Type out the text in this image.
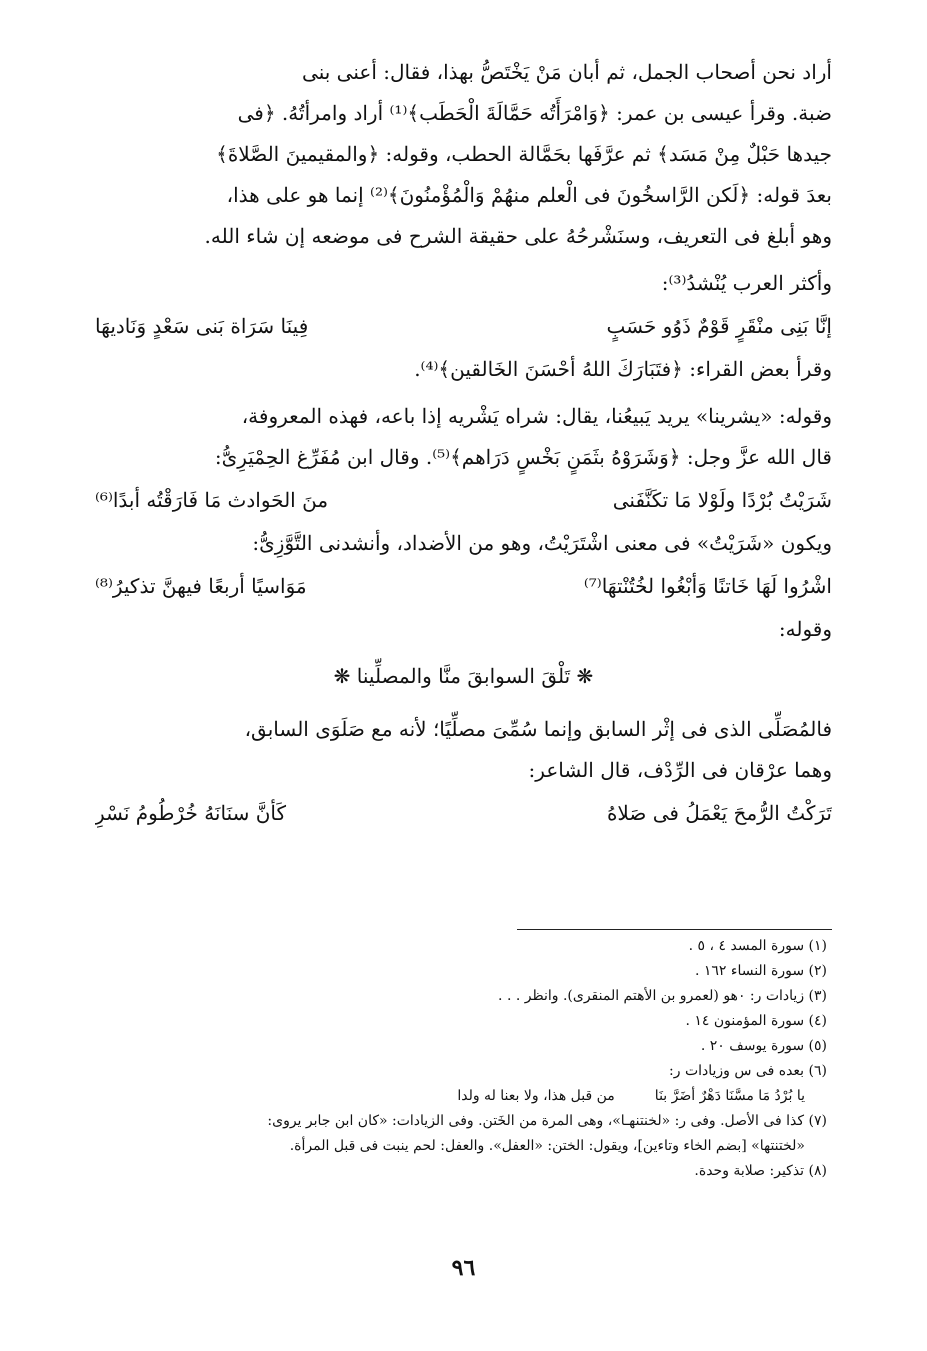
أراد نحن أصحاب الجمل، ثم أبان مَنْ يَخْتَصُّ بهذا، فقال: أعنى بنى
ضبة. وقرأ عيسى بن عمر: ﴿وَامْرَأَتُه حَمَّالَةَ الْحَطَب﴾⁽¹⁾ أراد وامرأتُهُ. ﴿فى
جيدها حَبْلٌ مِنْ مَسَد﴾ ثم عرَّفَها بحَمَّالة الحطب، وقوله: ﴿والمقيمينَ الصَّلاةَ﴾
بعدَ قوله: ﴿لَكن الرَّاسخُونَ فى الْعلم منهُمْ وَالْمُؤْمنُونَ﴾⁽²⁾ إنما هو على هذا،
وهو أبلغ فى التعريف، وسنَشْرحُهُ على حقيقة الشرح فى موضعه إن شاء الله.

وأكثر العرب يُنْشدُ⁽³⁾:

إنَّا بَنِى منْقَرٍ قَوْمٌ ذَوُو حَسَبٍ
فِينَا سَرَاة بَنى سَعْدٍ وَنَاديهَا

وقرأ بعض القراء: ﴿فتَبَارَكَ اللهُ أحْسَنَ الخَالقين﴾⁽⁴⁾.

وقوله: «يشرينا» يريد يَبيعُنا، يقال: شراه يَشْريه إذا باعه، فهذه المعروفة،
قال الله عزَّ وجل: ﴿وَشَرَوْهُ بثَمَنٍ بَخْسٍ دَرَاهم﴾⁽⁵⁾. وقال ابن مُفَرِّغ الحِمْيَرِىُّ:

شَرَيْتُ بُرْدًا ولَوْلا مَا تكَنَّفَنى
منَ الحَوادث مَا فَارَقْتُه أبدًا⁽⁶⁾

ويكون «شَرَيْتُ» فى معنى اشْتَرَيْتُ، وهو من الأضداد، وأنشدنى التَّوَّزِىُّ:

اشْرُوا لَهَا خَاتنًا وَأبْغُوا لخُتُنْتهَا⁽⁷⁾
مَوَاسيًا أربعًا فيهنَّ تذكيرُ⁽⁸⁾

وقوله:

❋ تَلْقَ السوابقَ منَّا والمصلِّينا ❋

فالمُصَلِّى الذى فى إثْر السابق وإنما سُمِّىَ مصلِّيًا؛ لأنه مع صَلَوَى السابق،
وهما عرْقان فى الرِّدْف، قال الشاعر:

تَرَكْتُ الرُّمحَ يَعْمَلُ فى صَلاهُ
كَأنَّ سنَانَهُ خُرْطُومُ نَسْرِ
(١) سورة المسد ٤ ، ٥ .
(٢) سورة النساء ١٦٢ .
(٣) زيادات ر: ٠هو (لعمرو بن الأهتم المنقرى). وانظر . . .
(٤) سورة المؤمنون ١٤ .
(٥) سورة يوسف ٢٠ .
(٦) بعده فى س وزيادات ر:
يا بُرْدُ مَا مسَّنَا دَهْرٌ أضَرَّ بنَا
من قبل هذا، ولا بعنا له ولدا
(٧) كذا فى الأصل. وفى ر: «لخنتنهـا»، وهى المرة من الخَتن. وفى الزيادات: «كان ابن جابر يروى:
«لختنتها» [بضم الخاء وتاءين]، ويقول: الختن: «العفل». والعفل: لحم ينبت فى قبل المرأة.
(٨) تذكير: صلابة وحدة.
٩٦
